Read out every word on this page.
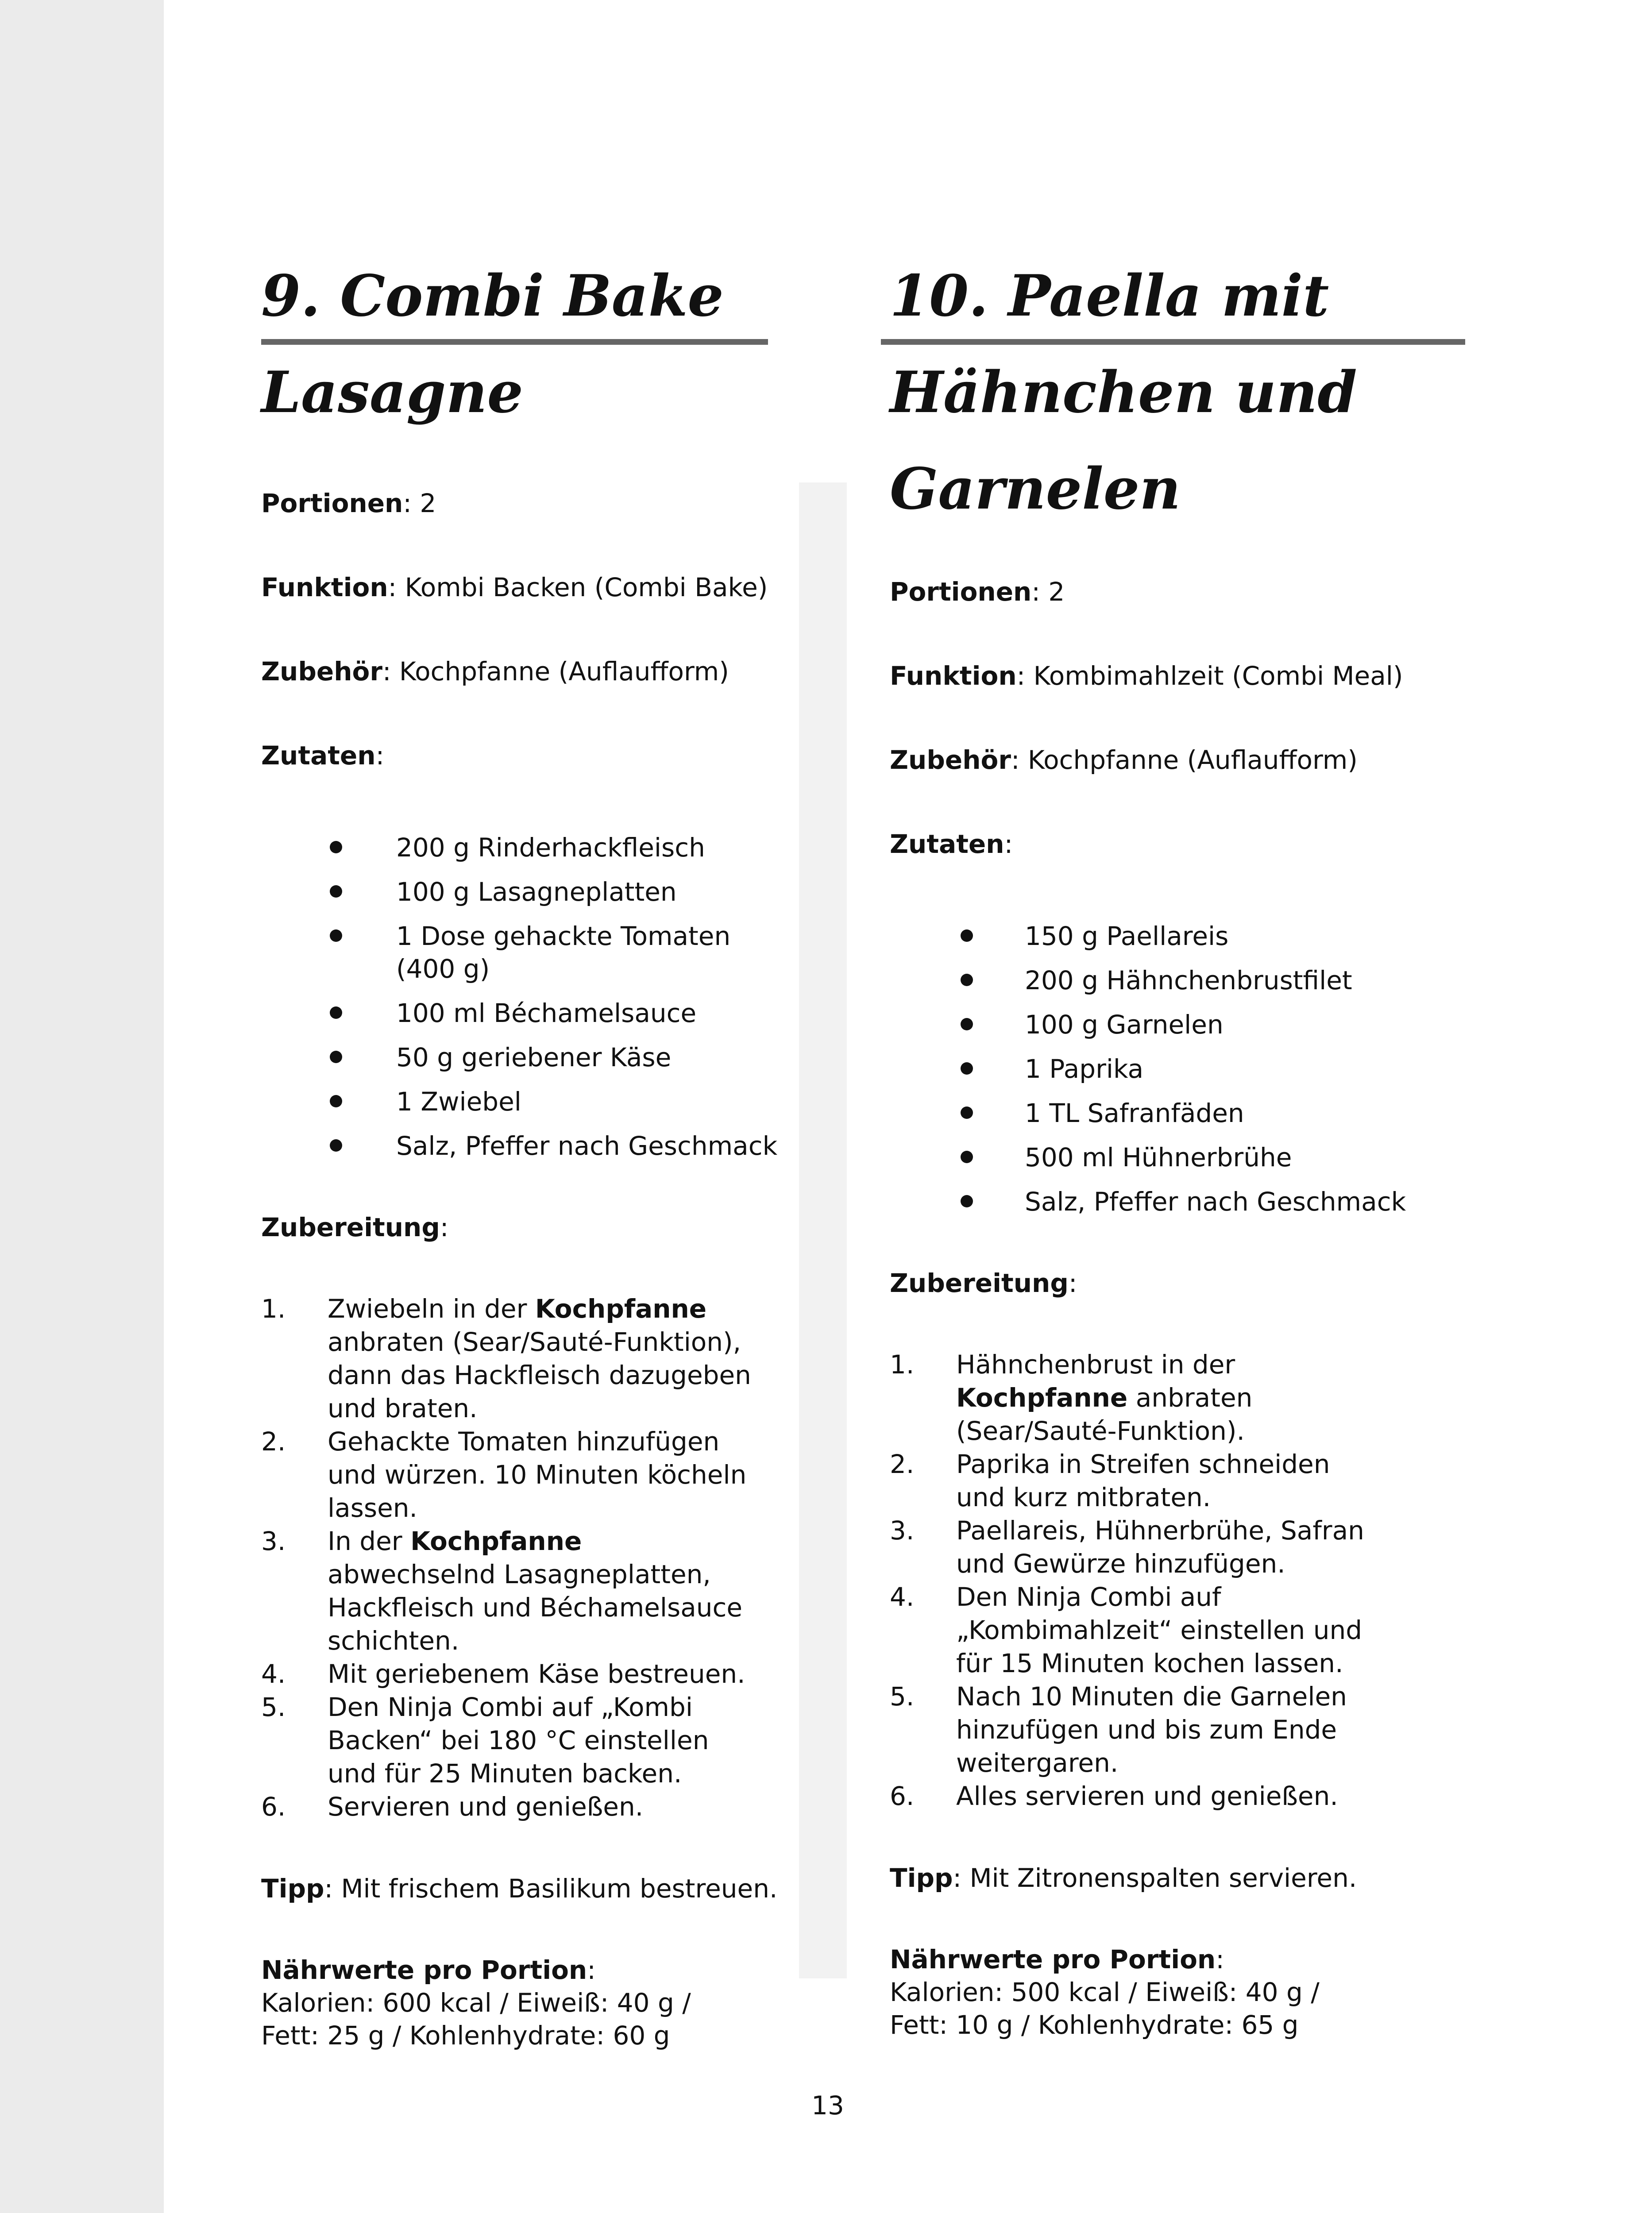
9. Combi Bake
Lasagne

Portionen: 2

Funktion: Kombi Backen (Combi Bake)

Zubehör: Kochpfanne (Auflaufform)

Zutaten:

200 g Rinderhackfleisch
100 g Lasagneplatten
1 Dose gehackte Tomaten
(400 g)
100 ml Béchamelsauce
50 g geriebener Käse
1 Zwiebel
Salz, Pfeffer nach Geschmack

Zubereitung:

1. Zwiebeln in der Kochpfanne anbraten (Sear/Sauté-Funktion), dann das Hackfleisch dazugeben und braten.
2. Gehackte Tomaten hinzufügen und würzen. 10 Minuten köcheln lassen.
3. In der Kochpfanne abwechselnd Lasagneplatten, Hackfleisch und Béchamelsauce schichten.
4. Mit geriebenem Käse bestreuen.
5. Den Ninja Combi auf „Kombi Backen“ bei 180 °C einstellen und für 25 Minuten backen.
6. Servieren und genießen.

Tipp: Mit frischem Basilikum bestreuen.

Nährwerte pro Portion:

Kalorien: 600 kcal / Eiweiß: 40 g /

Fett: 25 g / Kohlenhydrate: 60 g

10. Paella mit
Hähnchen und
Garnelen

Portionen: 2

Funktion: Kombimahlzeit (Combi Meal)

Zubehör: Kochpfanne (Auflaufform)

Zutaten:

150 g Paellareis
200 g Hähnchenbrustfilet
100 g Garnelen
1 Paprika
1 TL Safranfäden
500 ml Hühnerbrühe
Salz, Pfeffer nach Geschmack

Zubereitung:

1. Hähnchenbrust in der Kochpfanne anbraten (Sear/Sauté-Funktion).
2. Paprika in Streifen schneiden und kurz mitbraten.
3. Paellareis, Hühnerbrühe, Safran und Gewürze hinzufügen.
4. Den Ninja Combi auf „Kombimahlzeit“ einstellen und für 15 Minuten kochen lassen.
5. Nach 10 Minuten die Garnelen hinzufügen und bis zum Ende weitergaren.
6. Alles servieren und genießen.

Tipp: Mit Zitronenspalten servieren.

Nährwerte pro Portion:

Kalorien: 500 kcal / Eiweiß: 40 g /

Fett: 10 g / Kohlenhydrate: 65 g

13
